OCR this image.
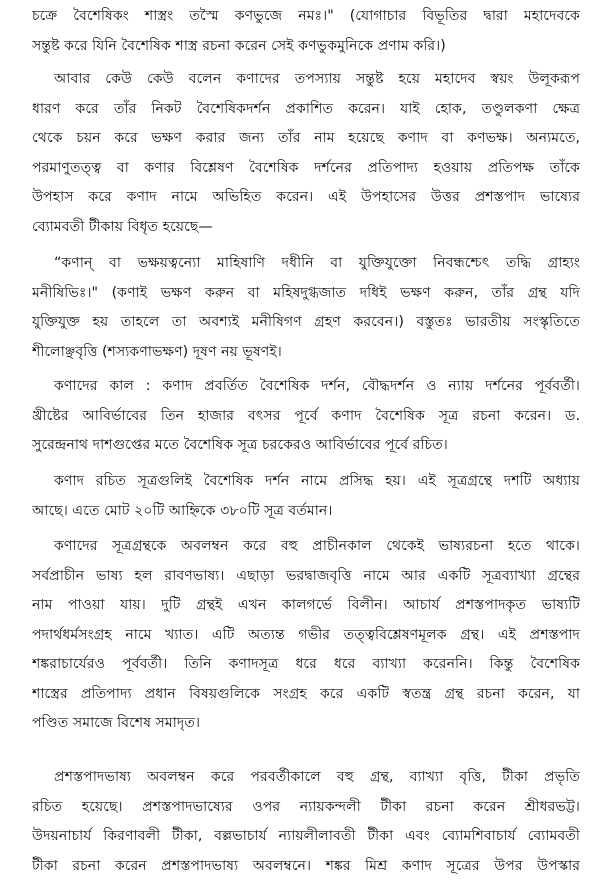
চক্রে বৈশেষিকং শাস্ত্রং তস্মৈ কণভুজে নমঃ।" (যোগাচার বিভূতির দ্বারা মহাদেবকে
সন্তুষ্ট করে যিনি বৈশেষিক শাস্ত্র রচনা করেন সেই কণভুকমুনিকে প্রণাম করি।)

আবার কেউ কেউ বলেন কণাদের তপস্যায় সন্তুষ্ট হয়ে মহাদেব স্বয়ং উলূকরূপ
ধারণ করে তাঁর নিকট বৈশেষিকদর্শন প্রকাশিত করেন। যাই হোক, তণ্ডুলকণা ক্ষেত্র
থেকে চয়ন করে ভক্ষণ করার জন্য তাঁর নাম হয়েছে কণাদ বা কণভক্ষ। অন্যমতে,
পরমাণুতত্ত্ব বা কণার বিশ্লেষণ বৈশেষিক দর্শনের প্রতিপাদ্য হওয়ায় প্রতিপক্ষ তাঁকে
উপহাস করে কণাদ নামে অভিহিত করেন। এই উপহাসের উত্তর প্রশস্তপাদ ভাষ্যের
ব্যোমবতী টীকায় বিধৃত হয়েছে—

“কণান্ বা ভক্ষয়ত্বন্যো মাহিষাণি দধীনি বা যুক্তিযুক্তো নিবন্ধশ্চেৎ তদ্ধি গ্রাহ্যং
মনীষিভিঃ।" (কণাই ভক্ষণ করুন বা মহিষদুগ্ধজাত দধিই ভক্ষণ করুন, তাঁর গ্রন্থ যদি
যুক্তিযুক্ত হয় তাহলে তা অবশ্যই মনীষিগণ গ্রহণ করবেন।) বস্তুতঃ ভারতীয় সংস্কৃতিতে
শীলোঞ্ছবৃত্তি (শস্যকণাভক্ষণ) দূষণ নয় ভূষণই।

কণাদের কাল : কণাদ প্রবর্তিত বৈশেষিক দর্শন, বৌদ্ধদর্শন ও ন্যায় দর্শনের পূর্ববর্তী।
খ্রীষ্টের আবির্ভাবের তিন হাজার বৎসর পূর্বে কণাদ বৈশেষিক সূত্র রচনা করেন। ড.
সুরেন্দ্রনাথ দাশগুপ্তের মতে বৈশেষিক সূত্র চরকেরও আবির্ভাবের পূর্বে রচিত।

কণাদ রচিত সূত্রগুলিই বৈশেষিক দর্শন নামে প্রসিদ্ধ হয়। এই সূত্রগ্রন্থে দশটি অধ্যায়
আছে। এতে মোট ২০টি আহ্নিকে ৩৮০টি সূত্র বর্তমান।

কণাদের সূত্রগ্রন্থকে অবলম্বন করে বহু প্রাচীনকাল থেকেই ভাষ্যরচনা হতে থাকে।
সর্বপ্রাচীন ভাষ্য হল রাবণভাষ্য। এছাড়া ভরদ্বাজবৃত্তি নামে আর একটি সূত্রব্যাখ্যা গ্রন্থের
নাম পাওয়া যায়। দুটি গ্রন্থই এখন কালগর্ভে বিলীন। আচার্য প্রশস্তপাদকৃত ভাষ্যটি
পদার্থধর্মসংগ্রহ নামে খ্যাত। এটি অত্যন্ত গভীর তত্ত্ববিশ্লেষণমূলক গ্রন্থ। এই প্রশস্তপাদ
শঙ্করাচার্যেরও পূর্ববর্তী। তিনি কণাদসূত্র ধরে ধরে ব্যাখ্যা করেননি। কিন্তু বৈশেষিক
শাস্ত্রের প্রতিপাদ্য প্রধান বিষয়গুলিকে সংগ্রহ করে একটি স্বতন্ত্র গ্রন্থ রচনা করেন, যা
পণ্ডিত সমাজে বিশেষ সমাদৃত।

প্রশস্তপাদভাষ্য অবলম্বন করে পরবর্তীকালে বহু গ্রন্থ, ব্যাখ্যা বৃত্তি, টীকা প্রভৃতি
রচিত হয়েছে। প্রশস্তপাদভাষ্যের ওপর ন্যায়কন্দলী টীকা রচনা করেন শ্রীধরভট্ট।
উদয়নাচার্য কিরণাবলী টীকা, বল্লভাচার্য ন্যায়লীলাবতী টীকা এবং ব্যোমশিবাচার্য ব্যোমবতী
টীকা রচনা করেন প্রশস্তপাদভাষ্য অবলম্বনে। শঙ্কর মিশ্র কণাদ সূত্রের উপর উপস্কার
